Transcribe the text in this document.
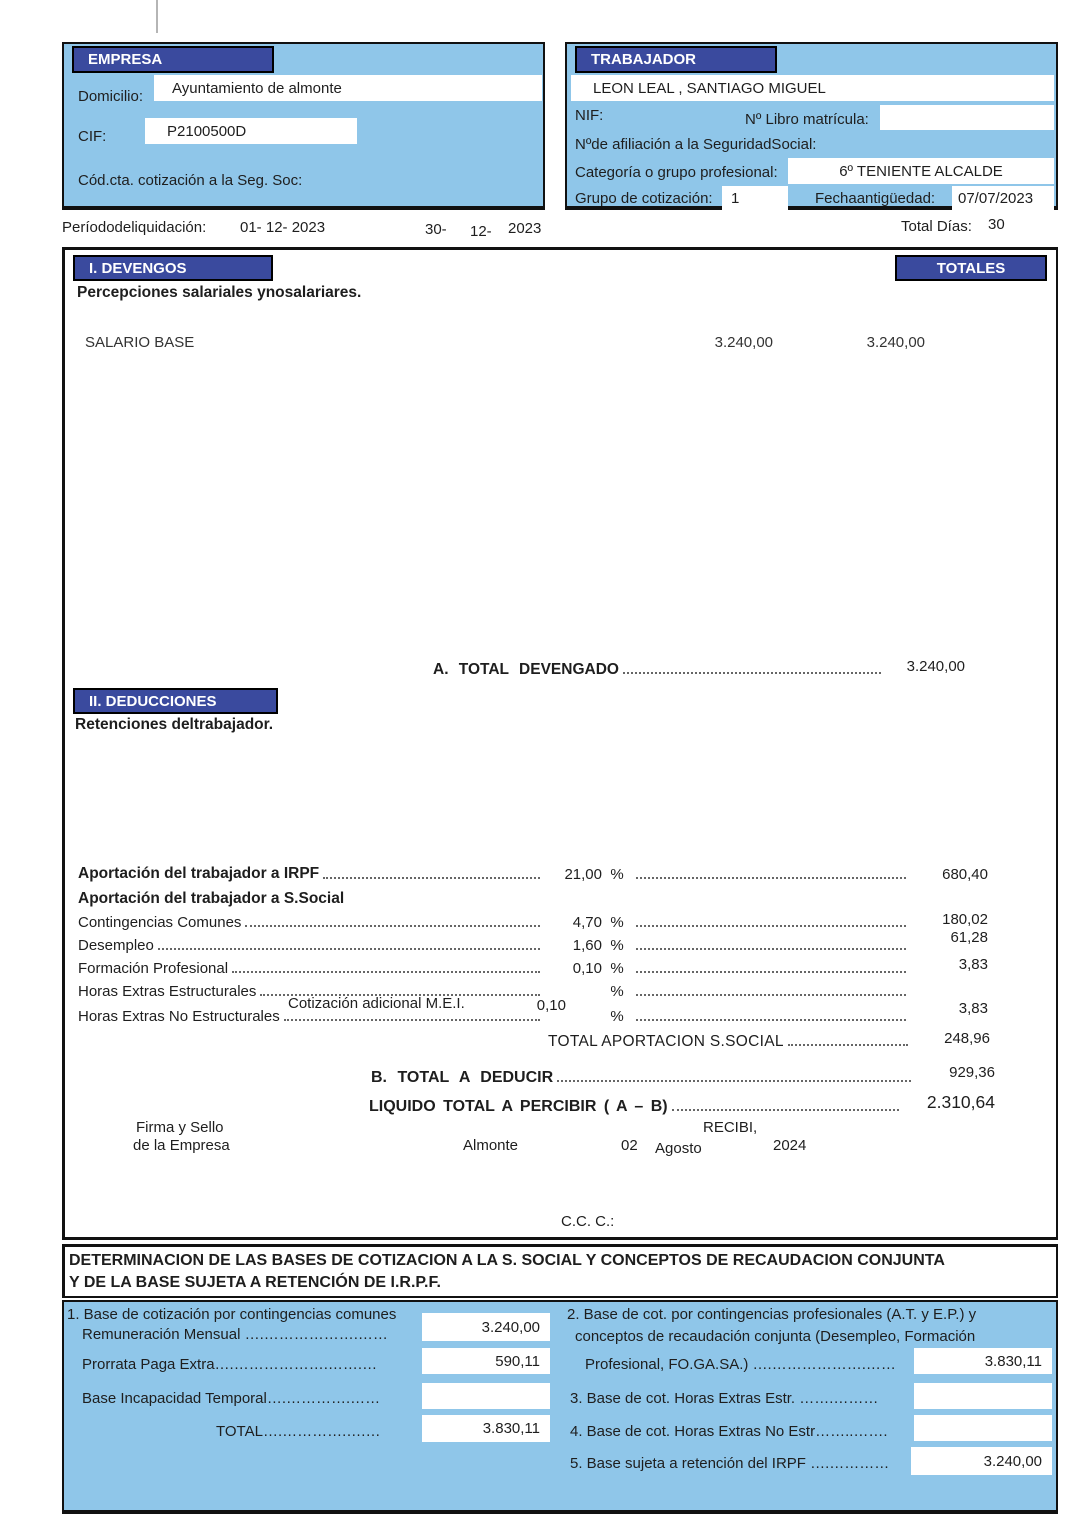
EMPRESA
Domicilio: Ayuntamiento de almonte
CIF:	P2100500D
Cód.cta. cotización a la Seg. Soc:
TRABAJADOR
LEON LEAL , SANTIAGO MIGUEL
NIF:	Nº Libro matrícula:
Nºde afiliación a la SeguridadSocial:
Categoría o grupo profesional:	6º TENIENTE ALCALDE
Grupo de cotización: 1	Fechaantigüedad: 07/07/2023
Períododeliquidación: 01- 12- 2023	30- 12- 2023	Total Días: 30
I. DEVENGOS	TOTALES
Percepciones salariales ynosalariares.
SALARIO BASE	3.240,00	3.240,00
A. TOTAL DEVENGADO	3.240,00
II. DEDUCCIONES
Retenciones deltrabajador.
Aportación del trabajador a IRPF	21,00 %	680,40
Aportación del trabajador a S.Social
Contingencias Comunes	4,70 %	180,02
Desempleo	1,60 %	61,28
Formación Profesional	0,10 %	3,83
Horas Extras Estructurales	%
Cotización adicional M.E.I.	0,10	3,83
Horas Extras No Estructurales	%
TOTAL APORTACION S.SOCIAL	248,96
B. TOTAL A DEDUCIR	929,36
LIQUIDO TOTAL A PERCIBIR ( A – B)	2.310,64
Firma y Sello
de la Empresa
RECIBI,
Almonte	02 Agosto	2024
C.C. C.:
DETERMINACION DE LAS BASES DE COTIZACION A LA S. SOCIAL Y CONCEPTOS DE RECAUDACION CONJUNTA
Y DE LA BASE SUJETA A RETENCIÓN DE I.R.P.F.
1. Base de cotización por contingencias comunes
Remuneración Mensual ….……………….……	3.240,00
Prorrata Paga Extra….……………….…….…	590,11
Base Incapacidad Temporal….………….……
TOTAL….………….….…	3.830,11
2. Base de cot. por contingencias profesionales (A.T. y E.P.) y
conceptos de recaudación conjunta (Desempleo, Formación
Profesional, FO.GA.SA.) ….……………….……	3.830,11
3. Base de cot. Horas Extras Estr. …….………
4. Base de cot. Horas Extras No Estr……..…….
5. Base sujeta a retención del IRPF ….…………	3.240,00
